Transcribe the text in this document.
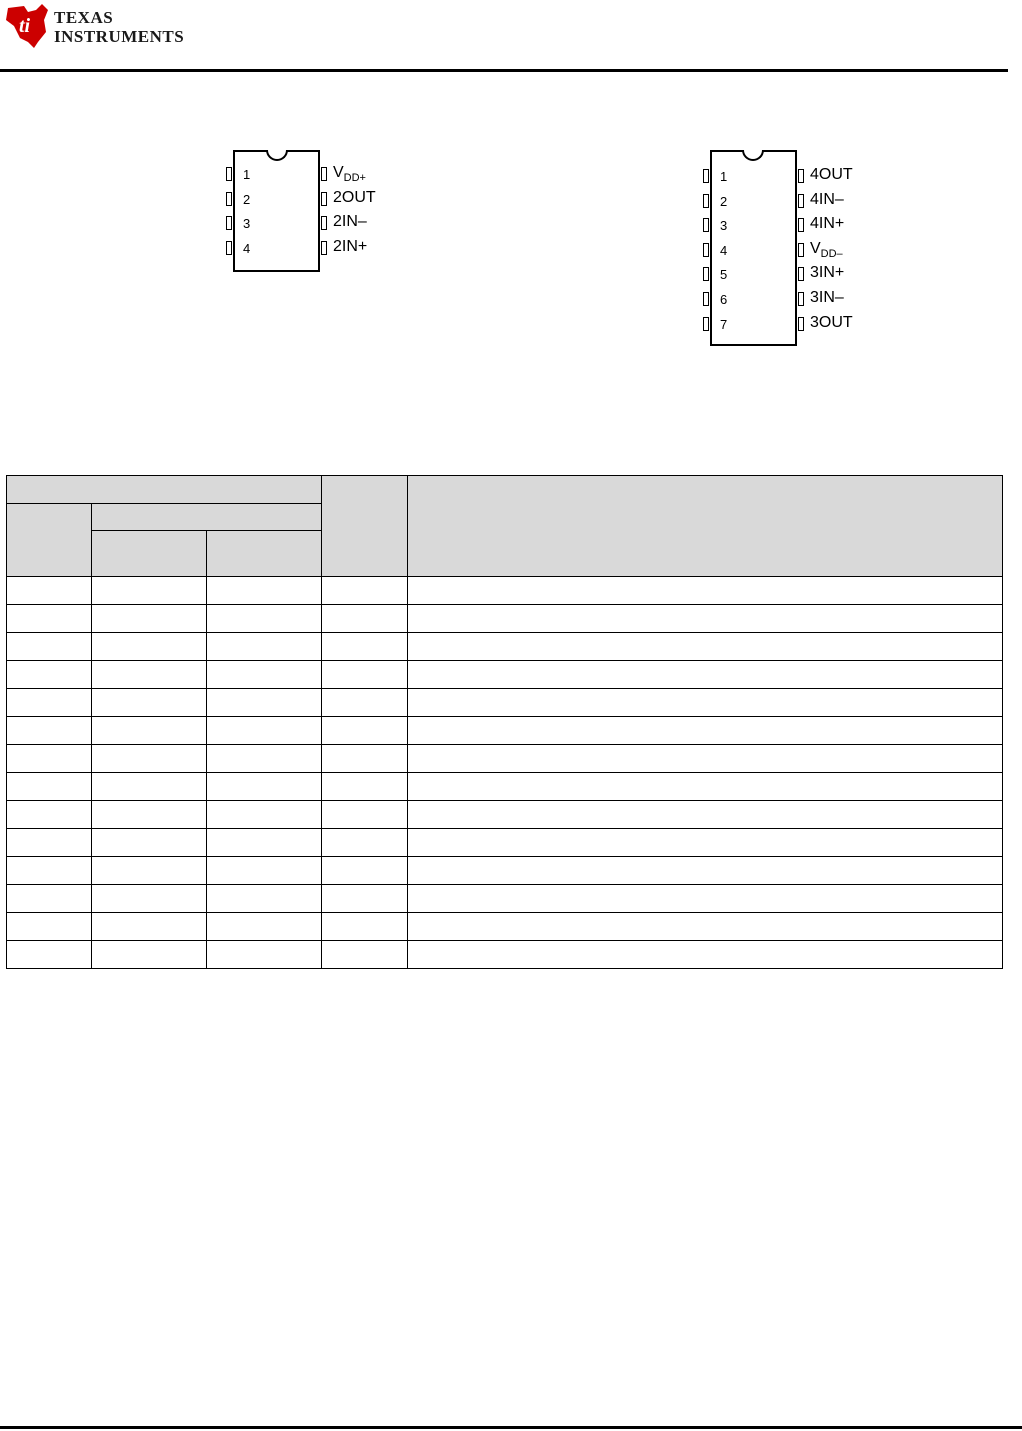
ti TEXAS
INSTRUMENTS
1
2
3
4
$V_{DD+}$
2OUT
2IN–
2IN+
1
2
3
4
5
6
7
4OUT
4IN–
4IN+
$V_{DD-}$
3IN+
3IN–
3OUT
